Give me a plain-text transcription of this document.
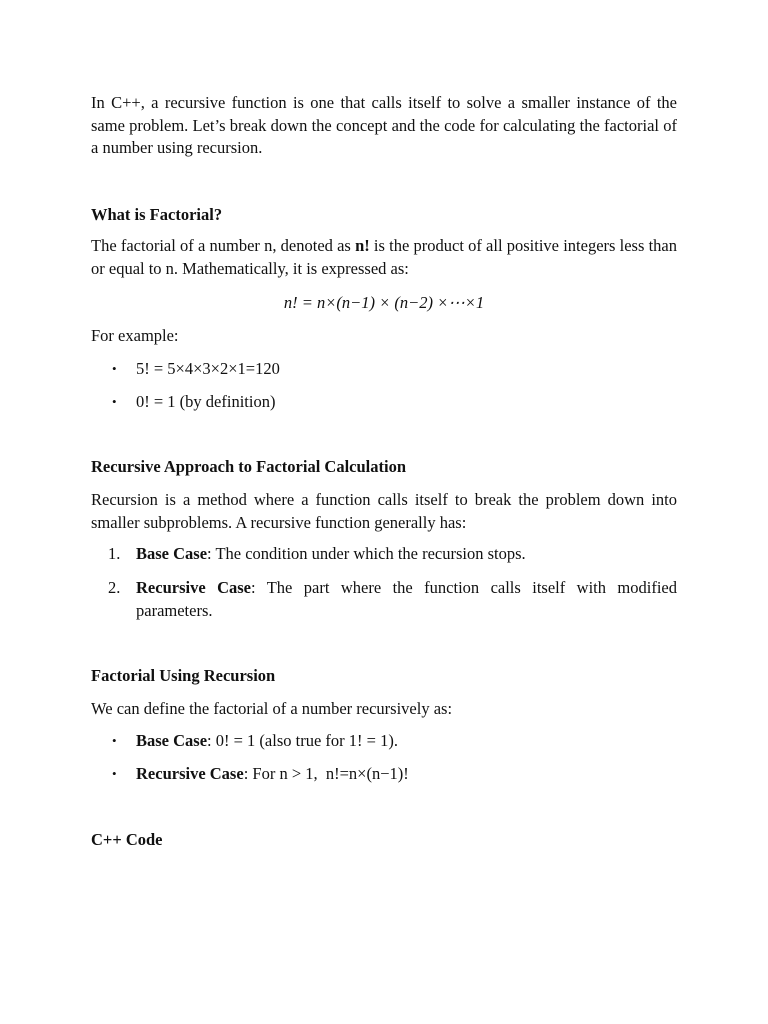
In C++, a recursive function is one that calls itself to solve a smaller instance of the same problem. Let’s break down the concept and the code for calculating the factorial of a number using recursion.

What is Factorial?

The factorial of a number n, denoted as n! is the product of all positive integers less than or equal to n. Mathematically, it is expressed as:

n! = n×(n−1) × (n−2) ×⋯×1
For example:
• 5! = 5×4×3×2×1=120
• 0! = 1 (by definition)
Recursive Approach to Factorial Calculation

Recursion is a method where a function calls itself to break the problem down into smaller subproblems. A recursive function generally has:

1. Base Case: The condition under which the recursion stops.
2. Recursive Case: The part where the function calls itself with modified parameters.
Factorial Using Recursion
We can define the factorial of a number recursively as:
• Base Case: 0! = 1 (also true for 1! = 1).
• Recursive Case: For n > 1,  n!=n×(n−1)!
C++ Code
